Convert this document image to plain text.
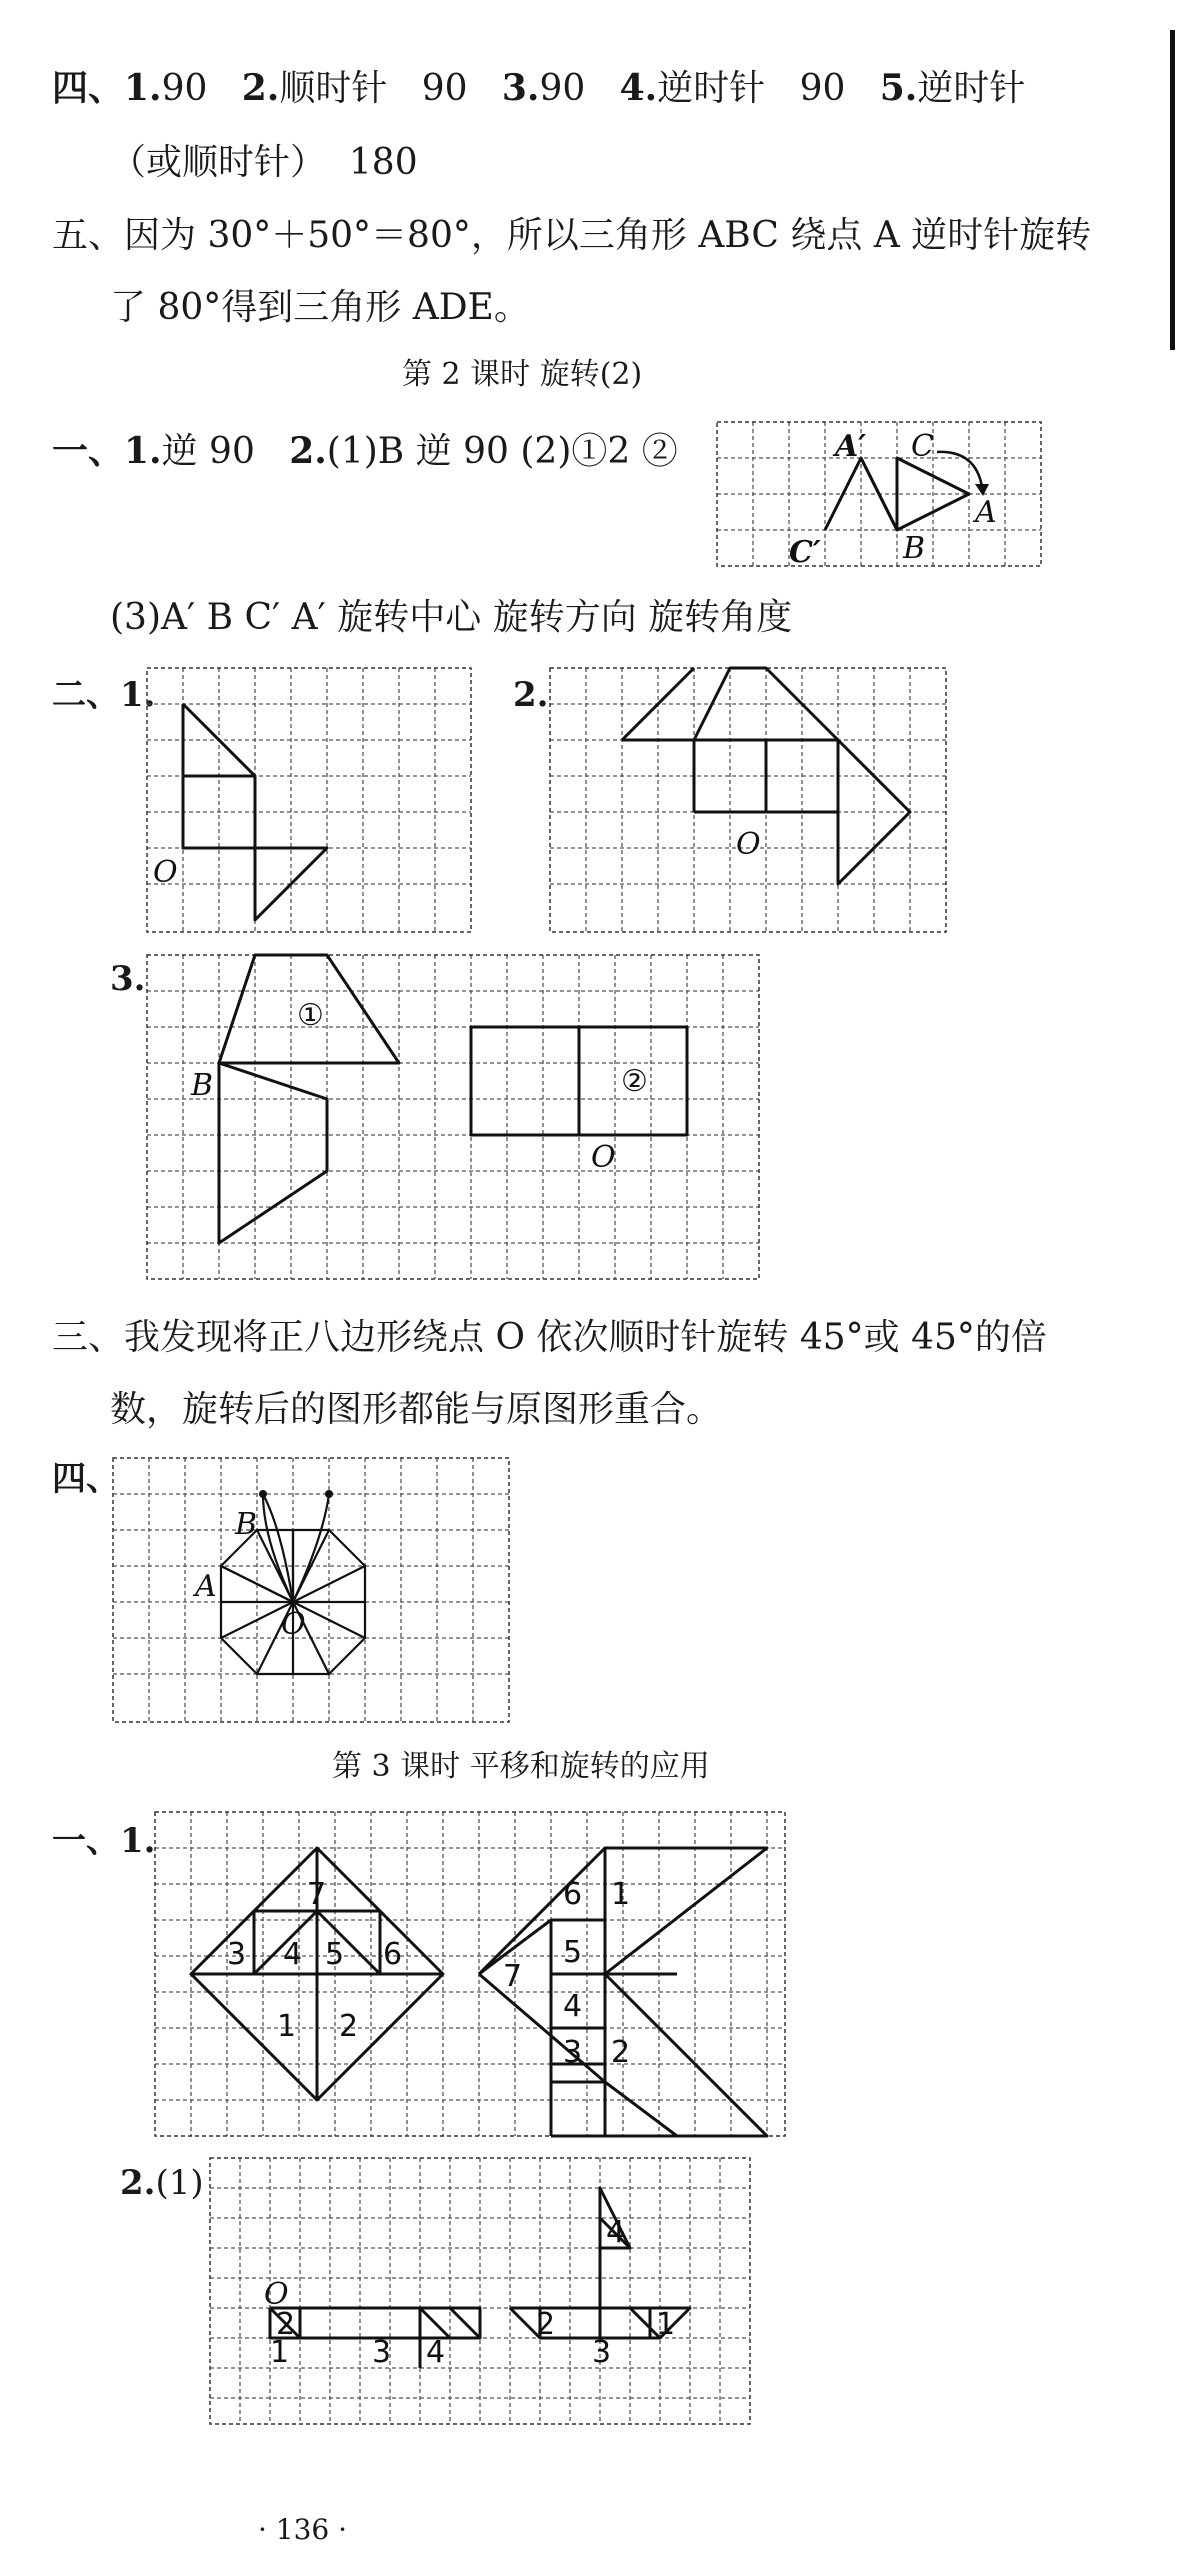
四、1.90 2.顺时针 90 3.90 4.逆时针 90 5.逆时针
（或顺时针） 180
五、因为 30°＋50°＝80°，所以三角形 ABC 绕点 A 逆时针旋转
了 80°得到三角形 ADE。
第 2 课时 旋转(2)
一、1.逆 90 2.(1)B 逆 90 (2)①2 ②	A′ C
A
C′	B
(3)A′ B C′ A′ 旋转中心 旋转方向 旋转角度
二、1.
O
2.
O
3.
B
①
②
O
三、我发现将正八边形绕点 O 依次顺时针旋转 45°或 45°的倍
数，旋转后的图形都能与原图形重合。
四、
B
A
O
第 3 课时 平移和旋转的应用
一、1.
7
3 4 5 6
1 2
6 1
7
5
4
3 2
2.(1)
O
2
1	3 4
2
3
1
4
· 136 ·
